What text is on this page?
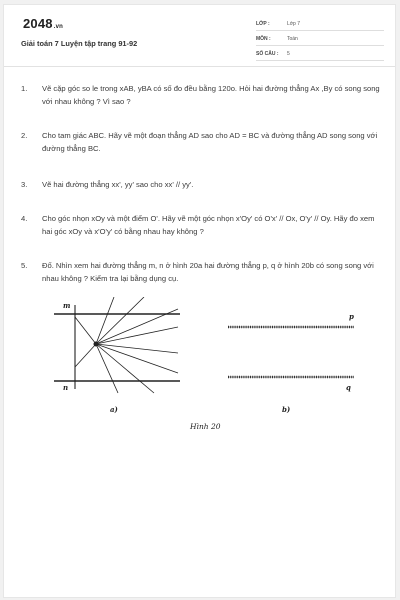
2048.vn
Giải toán 7 Luyện tập trang 91-92
LỚP :	Lớp 7
MÔN :	Toán
SỐ CÂU : 5
1.	Vẽ cặp góc so le trong xAB, yBA có số đo đều bằng 120o. Hỏi hai đường thẳng Ax ,By có song song với nhau không ? Vì sao ?
2.	Cho tam giác ABC. Hãy vẽ một đoạn thẳng AD sao cho AD = BC và đường thẳng AD song song với đường thẳng BC.
3.	Vẽ hai đường thẳng xx', yy' sao cho xx' // yy'.
4.	Cho góc nhọn xOy và một điểm O'. Hãy vẽ một góc nhọn x'Oy' có O'x' // Ox, O'y' // Oy. Hãy đo xem hai góc xOy và x'O'y' có bằng nhau hay không ?
5.	Đố. Nhìn xem hai đường thẳng m, n ở hình 20a hai đường thẳng p, q ở hình 20b có song song với nhau không ? Kiểm tra lại bằng dụng cụ.
m
n
p
q
a)	b)
Hình 20
